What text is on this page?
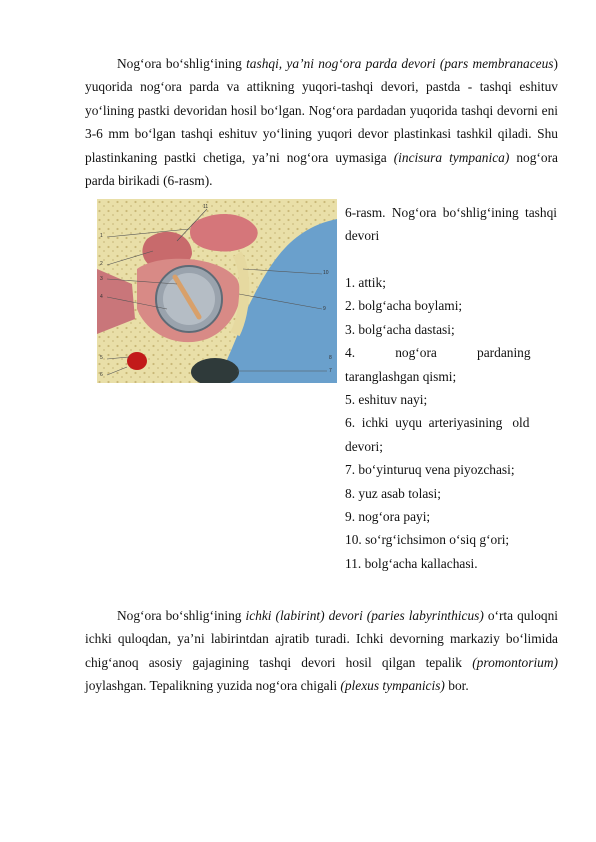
Nog‘ora bo‘shlig‘ining tashqi, ya’ni nog‘ora parda devori (pars membranaceus) yuqorida nog‘ora parda va attikning yuqori-tashqi devori, pastda - tashqi eshituv yo‘lining pastki devoridan hosil bo‘lgan. Nog‘ora pardadan yuqorida tashqi devorni eni 3-6 mm bo‘lgan tashqi eshituv yo‘lining yuqori devor plastinkasi tashkil qiladi. Shu plastinkaning pastki chetiga, ya’ni nog‘ora uymasiga (incisura tympanica) nog‘ora parda birikadi (6-rasm).
11
1
2
3
4
5
6
10
9
8
7
6-rasm. Nog‘ora bo‘shlig‘ining tashqi devori
1. attik;
2. bolg‘acha boylami;
3. bolg‘acha dastasi;
4.            nog‘ora            pardaning
taranglashgan qismi;
5. eshituv nayi;
6.  ichki  uyqu  arteriyasining   old
devori;
7. bo‘yinturuq vena piyozchasi;
8. yuz asab tolasi;
9. nog‘ora payi;
10. so‘rg‘ichsimon o‘siq g‘ori;
11. bolg‘acha kallachasi.
Nog‘ora bo‘shlig‘ining ichki (labirint) devori (paries labyrinthicus) o‘rta quloqni ichki quloqdan, ya’ni labirintdan ajratib turadi. Ichki devorning markaziy bo‘limida chig‘anoq asosiy gajagining tashqi devori hosil qilgan tepalik (promontorium) joylashgan. Tepalikning yuzida nog‘ora chigali (plexus tympanicis) bor.
